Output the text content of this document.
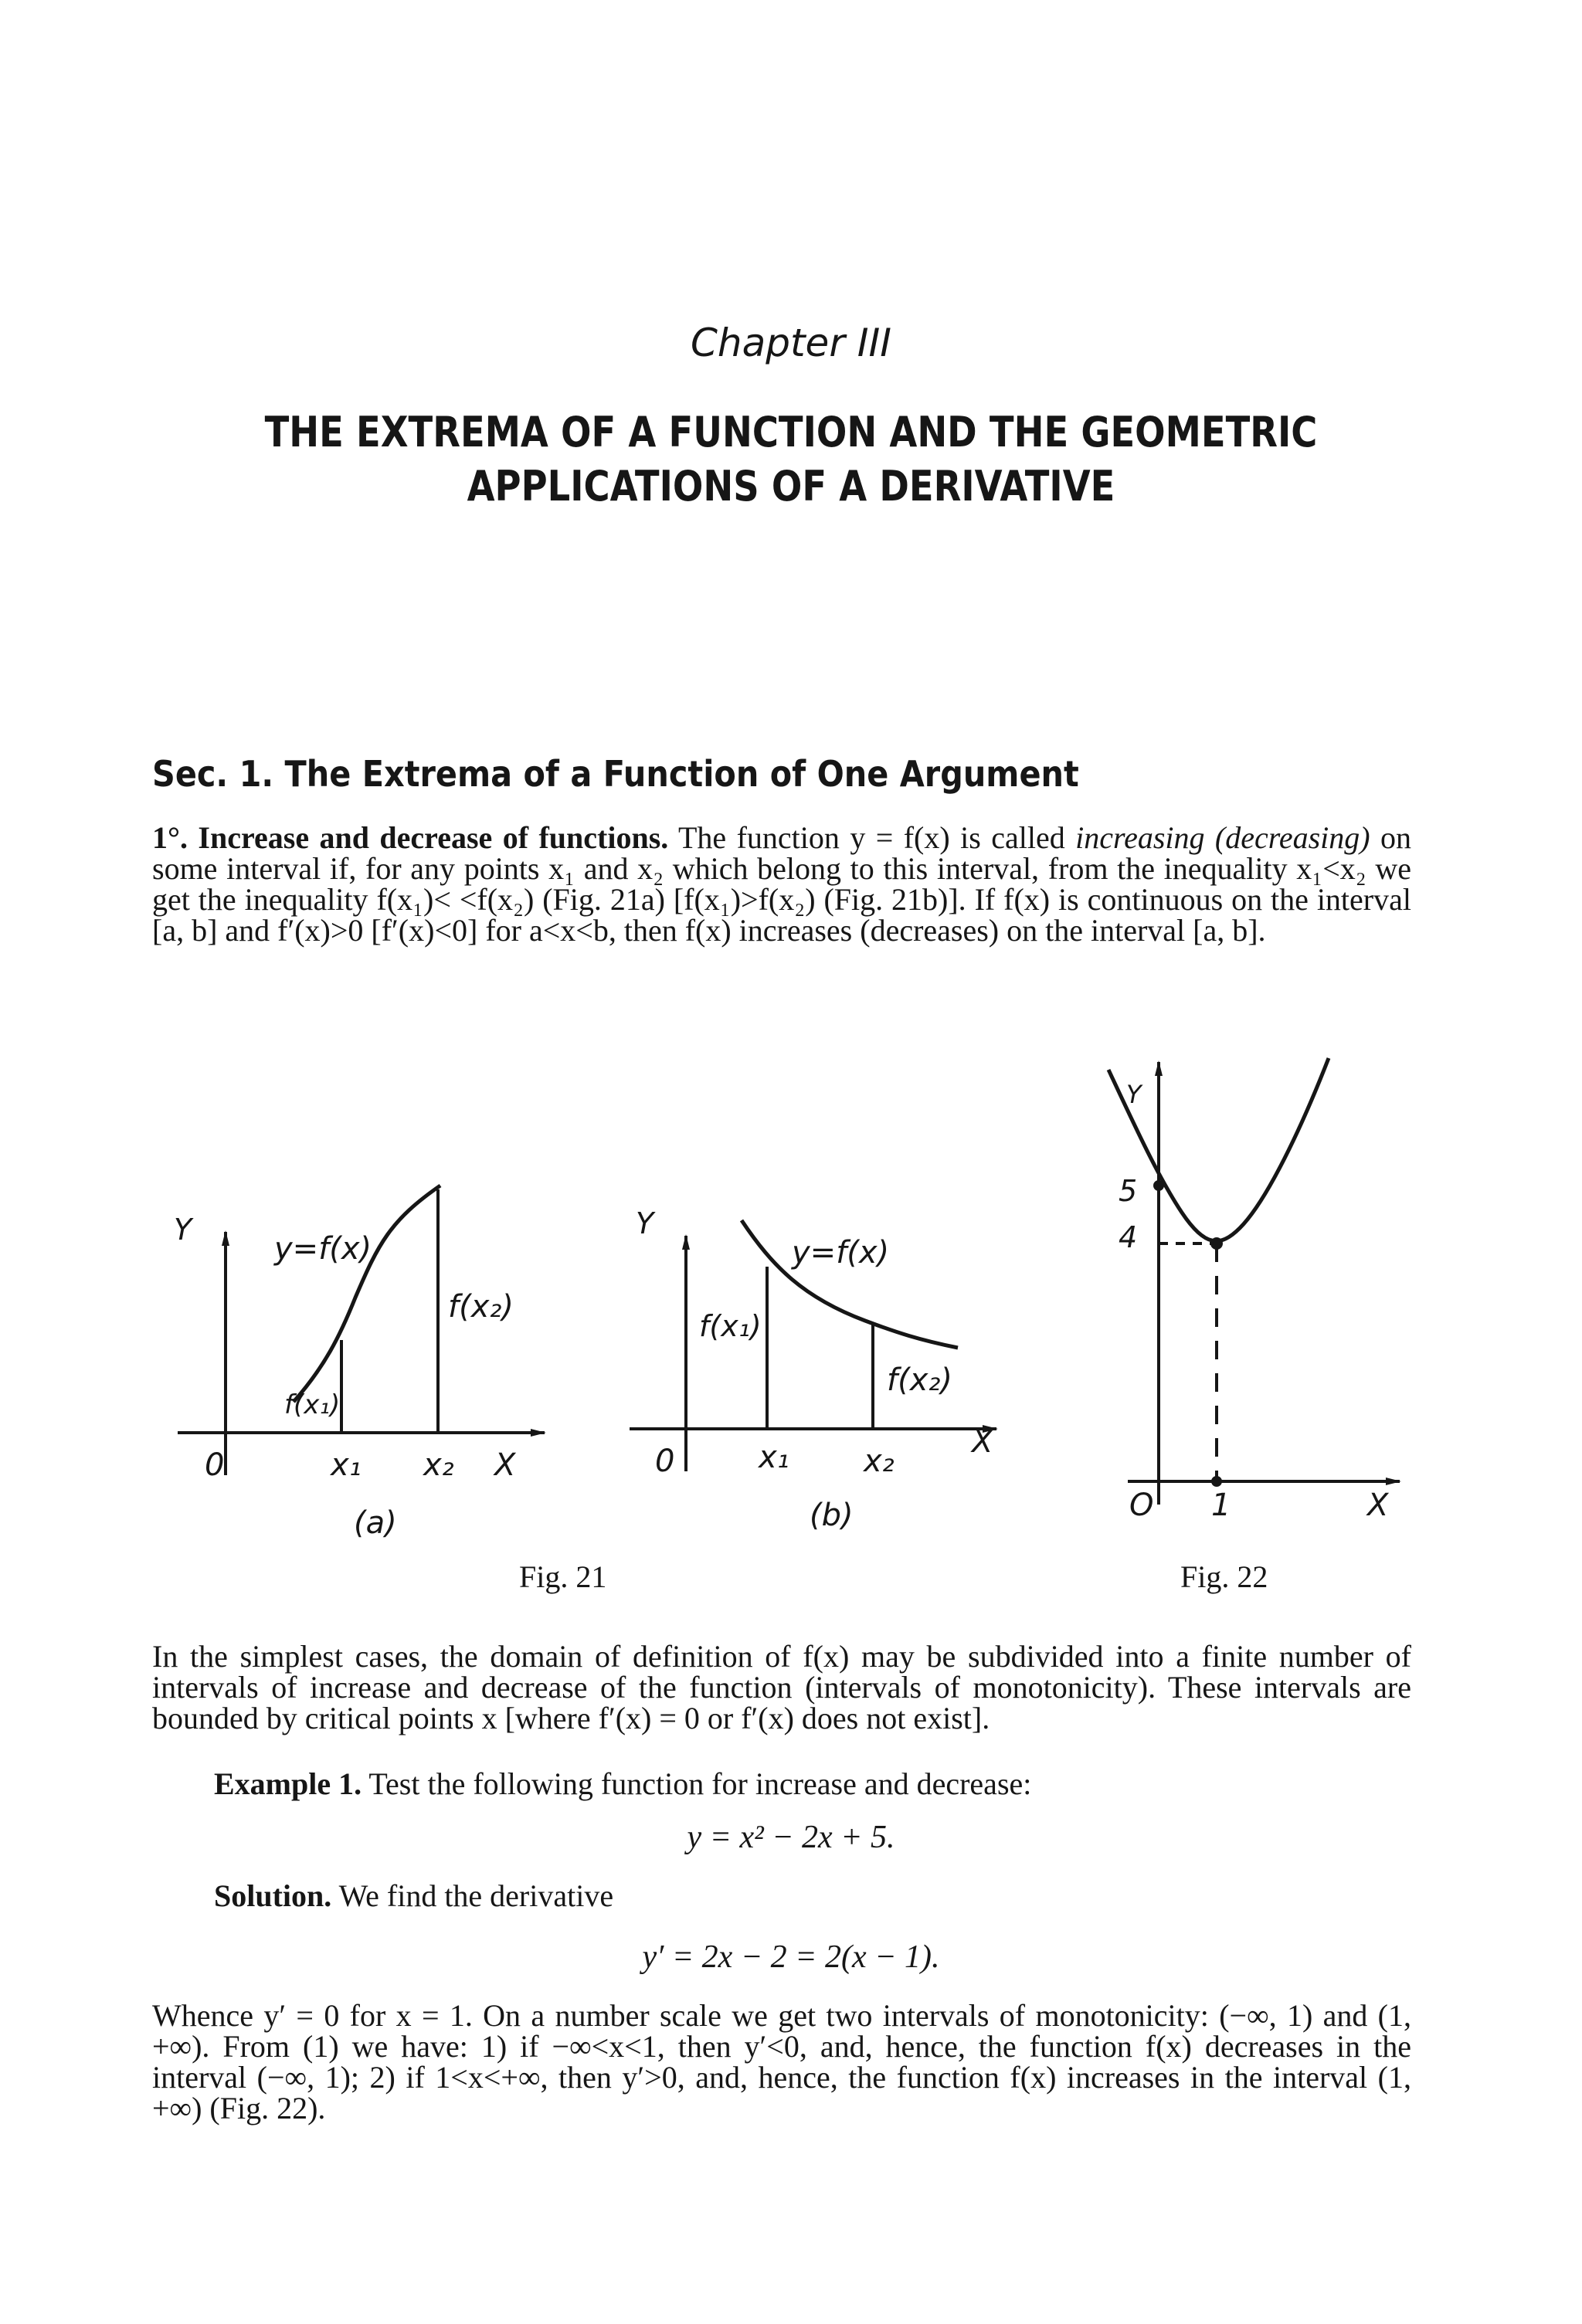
Chapter III
THE EXTREMA OF A FUNCTION AND THE GEOMETRIC
APPLICATIONS OF A DERIVATIVE
Sec. 1. The Extrema of a Function of One Argument
1°. Increase and decrease of functions. The function y = f(x) is called increasing (decreasing) on some interval if, for any points x₁ and x₂ which belong to this interval, from the inequality x₁<x₂ we get the inequality f(x₁)< <f(x₂) (Fig. 21a) [f(x₁)>f(x₂) (Fig. 21b)]. If f(x) is continuous on the interval [a, b] and f′(x)>0 [f′(x)<0] for a<x<b, then f(x) increases (decreases) on the interval [a, b].
Y
0	X
x₁ x₂
y=f(x)
f(x₁)
f(x₂)
(a)
Y
0
X
x₁ x₂
y=f(x)
f(x₁)
f(x₂)
(b)
Y
O	X
1
5
4
Fig. 21	Fig. 22
In the simplest cases, the domain of definition of f(x) may be subdivided into a finite number of intervals of increase and decrease of the function (intervals of monotonicity). These intervals are bounded by critical points x [where f′(x) = 0 or f′(x) does not exist].
Example 1. Test the following function for increase and decrease:
y = x² − 2x + 5.
Solution. We find the derivative
y′ = 2x − 2 = 2(x − 1).
Whence y′ = 0 for x = 1. On a number scale we get two intervals of monotonicity: (−∞, 1) and (1, +∞). From (1) we have: 1) if −∞<x<1, then y′<0, and, hence, the function f(x) decreases in the interval (−∞, 1); 2) if 1<x<+∞, then y′>0, and, hence, the function f(x) increases in the interval (1, +∞) (Fig. 22).
